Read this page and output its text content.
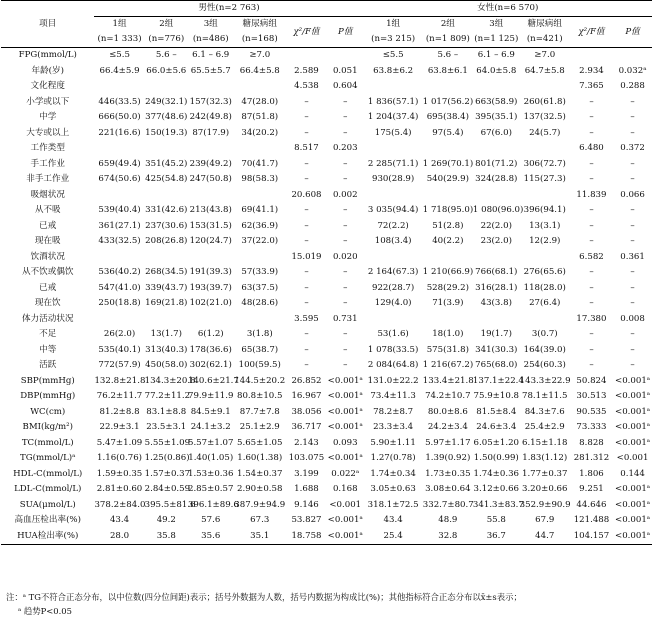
项目	男性(n=2 763)						女性(n=6 570)					
	1组	2组	3组	糖尿病组	χ²/F值	P值	1组	2组	3组	糖尿病组	χ²/F值	P值
	(n=1 333)	(n=776)	(n=486)	(n=168)			(n=3 215)	(n=1 809)	(n=1 125)	(n=421)		
FPG(mmol/L)	≤5.5	5.6 –	6.1 – 6.9	≥7.0			≤5.5	5.6 –	6.1 – 6.9	≥7.0		
年龄(岁)	66.4±5.9	66.0±5.6	65.5±5.7	66.4±5.8	2.589	0.051	63.8±6.2	63.8±6.1	64.0±5.8	64.7±5.8	2.934	0.032ᵃ
文化程度					4.538	0.604					7.365	0.288
小学或以下	446(33.5)	249(32.1)	157(32.3)	47(28.0)	–	–	1 836(57.1)	1 017(56.2)	663(58.9)	260(61.8)	–	–
中学	666(50.0)	377(48.6)	242(49.8)	87(51.8)	–	–	1 204(37.4)	695(38.4)	395(35.1)	137(32.5)	–	–
大专或以上	221(16.6)	150(19.3)	87(17.9)	34(20.2)	–	–	175(5.4)	97(5.4)	67(6.0)	24(5.7)	–	–
工作类型					8.517	0.203					6.480	0.372
手工作业	659(49.4)	351(45.2)	239(49.2)	70(41.7)	–	–	2 285(71.1)	1 269(70.1)	801(71.2)	306(72.7)	–	–
非手工作业	674(50.6)	425(54.8)	247(50.8)	98(58.3)	–	–	930(28.9)	540(29.9)	324(28.8)	115(27.3)	–	–
吸烟状况					20.608	0.002					11.839	0.066
从不吸	539(40.4)	331(42.6)	213(43.8)	69(41.1)	–	–	3 035(94.4)	1 718(95.0)	1 080(96.0)	396(94.1)	–	–
已戒	361(27.1)	237(30.6)	153(31.5)	62(36.9)	–	–	72(2.2)	51(2.8)	22(2.0)	13(3.1)	–	–
现在吸	433(32.5)	208(26.8)	120(24.7)	37(22.0)	–	–	108(3.4)	40(2.2)	23(2.0)	12(2.9)	–	–
饮酒状况					15.019	0.020					6.582	0.361
从不饮或偶饮	536(40.2)	268(34.5)	191(39.3)	57(33.9)	–	–	2 164(67.3)	1 210(66.9)	766(68.1)	276(65.6)	–	–
已戒	547(41.0)	339(43.7)	193(39.7)	63(37.5)	–	–	922(28.7)	528(29.2)	316(28.1)	118(28.0)	–	–
现在饮	250(18.8)	169(21.8)	102(21.0)	48(28.6)	–	–	129(4.0)	71(3.9)	43(3.8)	27(6.4)	–	–
体力活动状况					3.595	0.731					17.380	0.008
不足	26(2.0)	13(1.7)	6(1.2)	3(1.8)	–	–	53(1.6)	18(1.0)	19(1.7)	3(0.7)	–	–
中等	535(40.1)	313(40.3)	178(36.6)	65(38.7)	–	–	1 078(33.5)	575(31.8)	341(30.3)	164(39.0)	–	–
活跃	772(57.9)	450(58.0)	302(62.1)	100(59.5)	–	–	2 084(64.8)	1 216(67.2)	765(68.0)	254(60.3)	–	–
SBP(mmHg)	132.8±21.8	134.3±20.8	140.6±21.7	144.5±20.2	26.852	<0.001ᵃ	131.0±22.2	133.4±21.8	137.1±22.4	143.3±22.9	50.824	<0.001ᵃ
DBP(mmHg)	76.2±11.7	77.2±11.2	79.9±11.9	80.8±10.5	16.967	<0.001ᵃ	73.4±11.3	74.2±10.7	75.9±10.8	78.1±11.5	30.513	<0.001ᵃ
WC(cm)	81.2±8.8	83.1±8.8	84.5±9.1	87.7±7.8	38.056	<0.001ᵃ	78.2±8.7	80.0±8.6	81.5±8.4	84.3±7.6	90.535	<0.001ᵃ
BMI(kg/m²)	22.9±3.1	23.5±3.1	24.1±3.2	25.1±2.9	36.717	<0.001ᵃ	23.3±3.4	24.2±3.4	24.6±3.4	25.4±2.9	73.333	<0.001ᵃ
TC(mmol/L)	5.47±1.09	5.55±1.09	5.57±1.07	5.65±1.05	2.143	0.093	5.90±1.11	5.97±1.17	6.05±1.20	6.15±1.18	8.828	<0.001ᵃ
TG(mmol/L)ᵃ	1.16(0.76)	1.25(0.86)	1.40(1.05)	1.60(1.38)	103.075	<0.001ᵃ	1.27(0.78)	1.39(0.92)	1.50(0.99)	1.83(1.12)	281.312	<0.001
HDL-C(mmol/L)	1.59±0.35	1.57±0.37	1.53±0.36	1.54±0.37	3.199	0.022ᵃ	1.74±0.34	1.73±0.35	1.74±0.36	1.77±0.37	1.806	0.144
LDL-C(mmol/L)	2.81±0.60	2.84±0.59	2.85±0.57	2.90±0.58	1.688	0.168	3.05±0.63	3.08±0.64	3.12±0.66	3.20±0.66	9.251	<0.001ᵃ
SUA(μmol/L)	378.2±84.0	395.5±81.6	396.1±89.6	387.9±94.9	9.146	<0.001	318.1±72.5	332.7±80.7	341.3±83.7	352.9±90.9	44.646	<0.001ᵃ
高血压检出率(%)	43.4	49.2	57.6	67.3	53.827	<0.001ᵃ	43.4	48.9	55.8	67.9	121.488	<0.001ᵃ
HUA检出率(%)	28.0	35.8	35.6	35.1	18.758	<0.001ᵃ	25.4	32.8	36.7	44.7	104.157	<0.001ᵃ
注：ᵃ TG不符合正态分布，以中位数(四分位间距)表示；括号外数据为人数，括号内数据为构成比(%)；其他指标符合正态分布以x̄±s表示；
ᵃ 趋势P<0.05
